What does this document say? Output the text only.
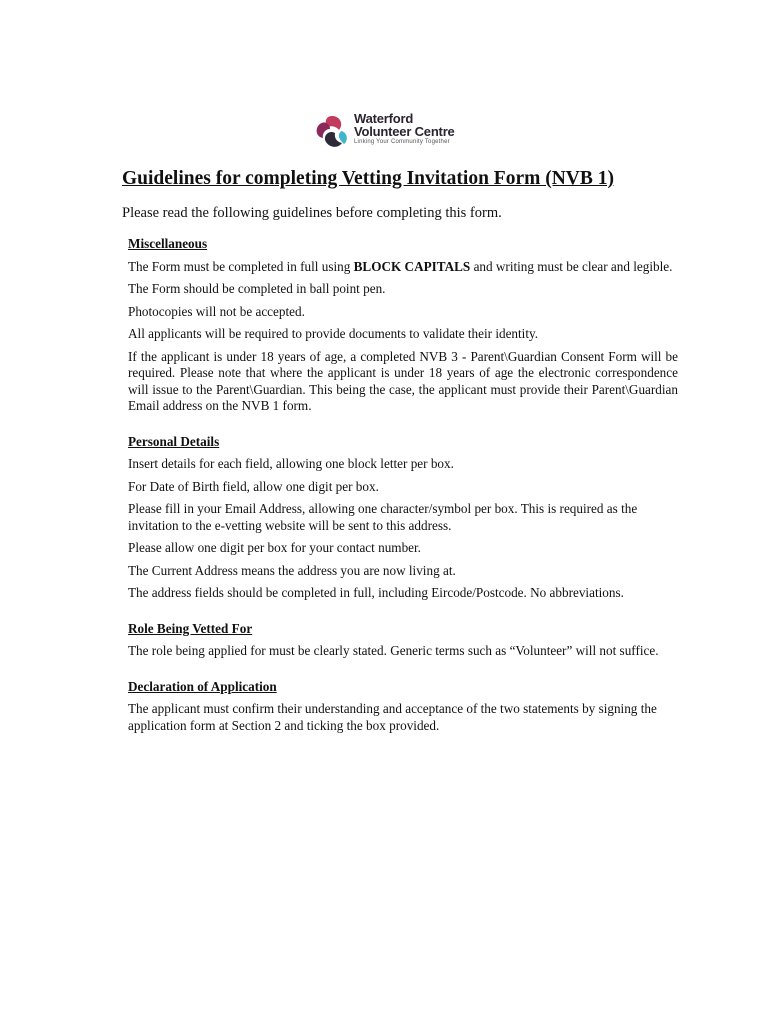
Waterford
Volunteer Centre
Linking Your Community Together
Guidelines for completing Vetting Invitation Form (NVB 1)

Please read the following guidelines before completing this form.

Miscellaneous

The Form must be completed in full using BLOCK CAPITALS and writing must be clear and legible.

The Form should be completed in ball point pen.

Photocopies will not be accepted.

All applicants will be required to provide documents to validate their identity.

If the applicant is under 18 years of age, a completed NVB 3 - Parent\Guardian Consent Form will be required. Please note that where the applicant is under 18 years of age the electronic correspondence will issue to the Parent\Guardian. This being the case, the applicant must provide their Parent\Guardian Email address on the NVB 1 form.

Personal Details

Insert details for each field, allowing one block letter per box.

For Date of Birth field, allow one digit per box.

Please fill in your Email Address, allowing one character/symbol per box. This is required as the invitation to the e-vetting website will be sent to this address.

Please allow one digit per box for your contact number.

The Current Address means the address you are now living at.

The address fields should be completed in full, including Eircode/Postcode. No abbreviations.

Role Being Vetted For

The role being applied for must be clearly stated. Generic terms such as “Volunteer” will not suffice.

Declaration of Application

The applicant must confirm their understanding and acceptance of the two statements by signing the application form at Section 2 and ticking the box provided.
